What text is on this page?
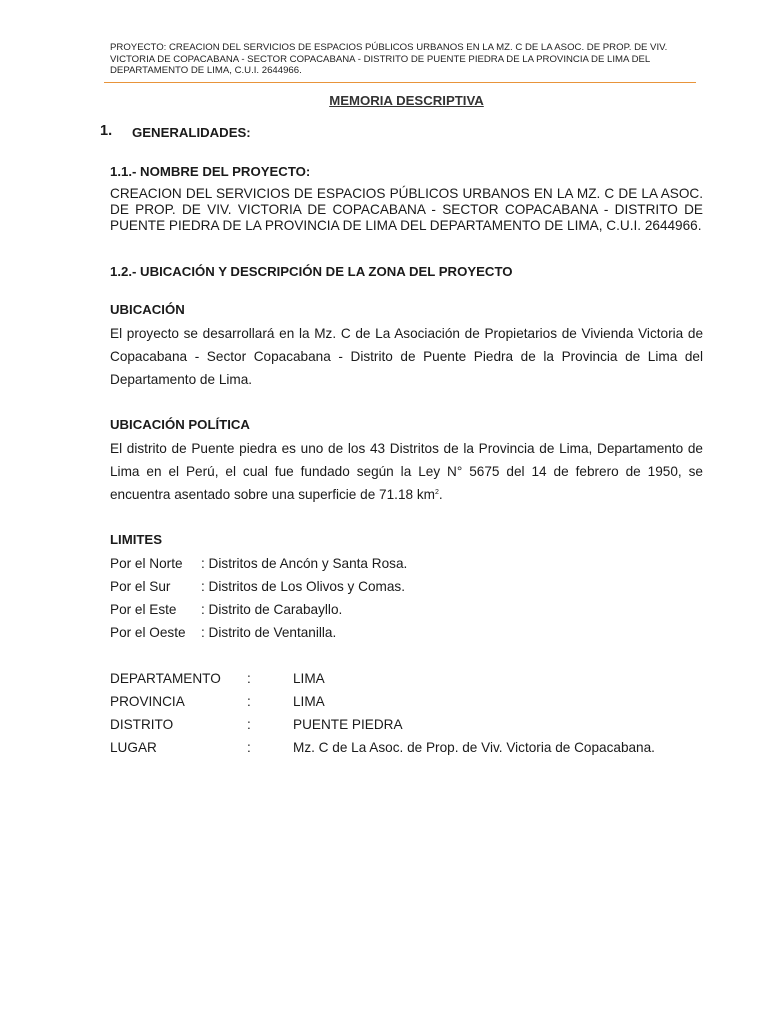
PROYECTO: CREACION DEL SERVICIOS DE ESPACIOS PÚBLICOS URBANOS EN LA MZ. C DE LA ASOC. DE PROP. DE VIV. VICTORIA DE COPACABANA - SECTOR COPACABANA - DISTRITO DE PUENTE PIEDRA DE LA PROVINCIA DE LIMA DEL DEPARTAMENTO DE LIMA, C.U.I. 2644966.
MEMORIA DESCRIPTIVA
1. GENERALIDADES:
1.1.- NOMBRE DEL PROYECTO:
CREACION DEL SERVICIOS DE ESPACIOS PÚBLICOS URBANOS EN LA MZ. C DE LA ASOC. DE PROP. DE VIV. VICTORIA DE COPACABANA - SECTOR COPACABANA - DISTRITO DE PUENTE PIEDRA DE LA PROVINCIA DE LIMA DEL DEPARTAMENTO DE LIMA, C.U.I. 2644966.
1.2.- UBICACIÓN Y DESCRIPCIÓN DE LA ZONA DEL PROYECTO
UBICACIÓN
El proyecto se desarrollará en la Mz. C de La Asociación de Propietarios de Vivienda Victoria de Copacabana - Sector Copacabana - Distrito de Puente Piedra de la Provincia de Lima del Departamento de Lima.
UBICACIÓN POLÍTICA
El distrito de Puente piedra es uno de los 43 Distritos de la Provincia de Lima, Departamento de Lima en el Perú, el cual fue fundado según la Ley N° 5675 del 14 de febrero de 1950, se encuentra asentado sobre una superficie de 71.18 $km^2$.
LIMITES
Por el Norte : Distritos de Ancón y Santa Rosa.
Por el Sur : Distritos de Los Olivos y Comas.
Por el Este : Distrito de Carabayllo.
Por el Oeste : Distrito de Ventanilla.
DEPARTAMENTO :	LIMA
PROVINCIA	:	LIMA
DISTRITO	:	PUENTE PIEDRA
LUGAR	:	Mz. C de La Asoc. de Prop. de Viv. Victoria de Copacabana.
